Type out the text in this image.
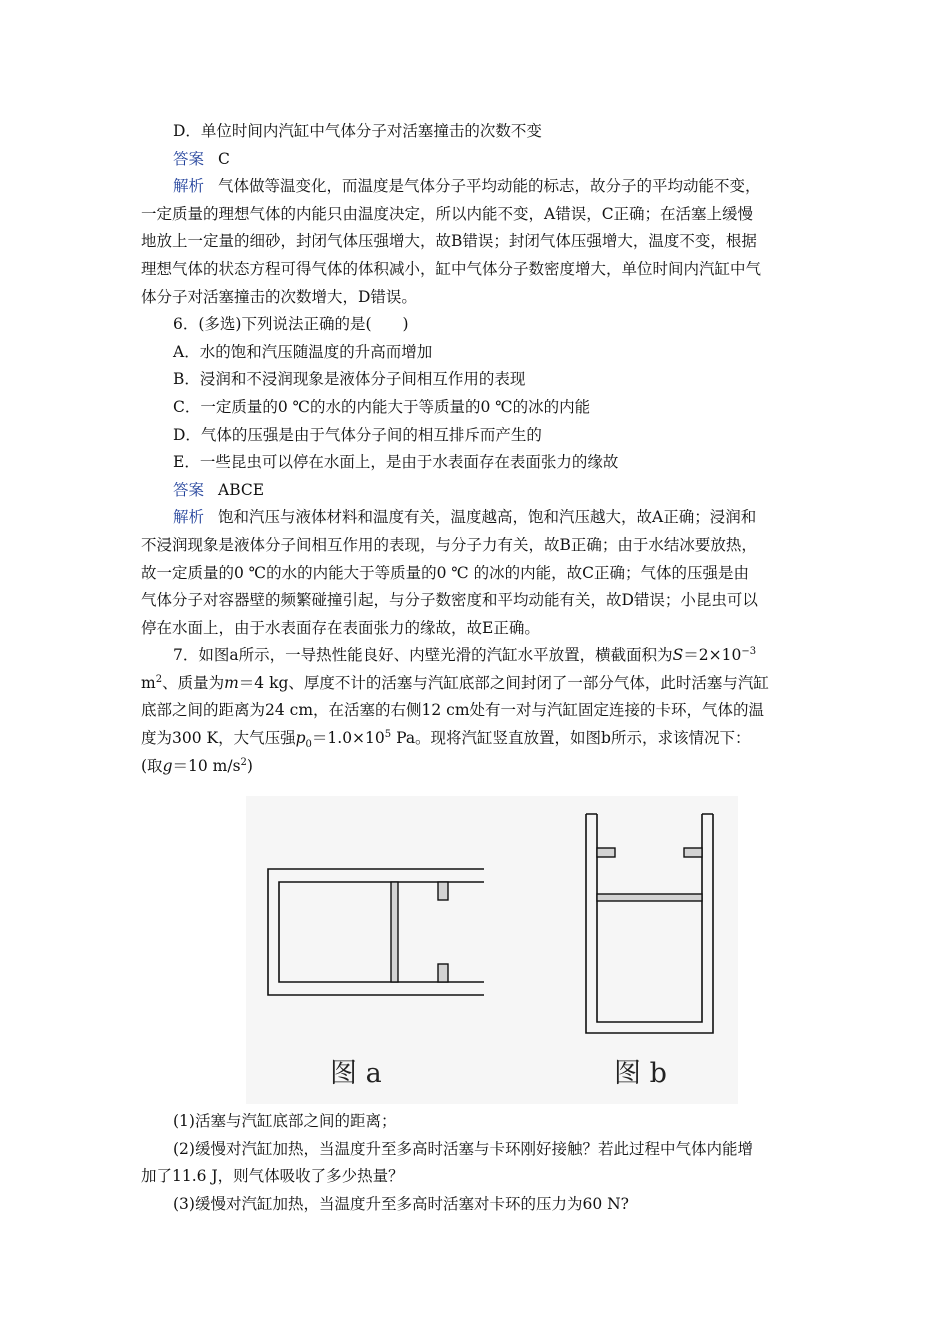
D．单位时间内汽缸中气体分子对活塞撞击的次数不变
答案 C
解析 气体做等温变化，而温度是气体分子平均动能的标志，故分子的平均动能不变，
一定质量的理想气体的内能只由温度决定，所以内能不变，A错误，C正确；在活塞上缓慢
地放上一定量的细砂，封闭气体压强增大，故B错误；封闭气体压强增大，温度不变，根据
理想气体的状态方程可得气体的体积减小，缸中气体分子数密度增大，单位时间内汽缸中气
体分子对活塞撞击的次数增大，D错误。
6．(多选)下列说法正确的是(　　)
A．水的饱和汽压随温度的升高而增加
B．浸润和不浸润现象是液体分子间相互作用的表现
C．一定质量的0 ℃的水的内能大于等质量的0 ℃的冰的内能
D．气体的压强是由于气体分子间的相互排斥而产生的
E．一些昆虫可以停在水面上，是由于水表面存在表面张力的缘故
答案 ABCE
解析 饱和汽压与液体材料和温度有关，温度越高，饱和汽压越大，故A正确；浸润和
不浸润现象是液体分子间相互作用的表现，与分子力有关，故B正确；由于水结冰要放热，
故一定质量的0 ℃的水的内能大于等质量的0 ℃ 的冰的内能，故C正确；气体的压强是由
气体分子对容器壁的频繁碰撞引起，与分子数密度和平均动能有关，故D错误；小昆虫可以
停在水面上，由于水表面存在表面张力的缘故，故E正确。
7．如图a所示，一导热性能良好、内壁光滑的汽缸水平放置，横截面积为$S=2\times 10^{-3}$
$m^2$、质量为m＝4 kg、厚度不计的活塞与汽缸底部之间封闭了一部分气体，此时活塞与汽缸
底部之间的距离为24 cm，在活塞的右侧12 cm处有一对与汽缸固定连接的卡环，气体的温
度为300 K，大气压强$p_0=1.0\times 10^5$ Pa。现将汽缸竖直放置，如图b所示，求该情况下：
(取g＝10 $m/s^2$)
图 a	图 b
(1)活塞与汽缸底部之间的距离；
(2)缓慢对汽缸加热，当温度升至多高时活塞与卡环刚好接触？若此过程中气体内能增
加了11.6 J，则气体吸收了多少热量？
(3)缓慢对汽缸加热，当温度升至多高时活塞对卡环的压力为60 N?
